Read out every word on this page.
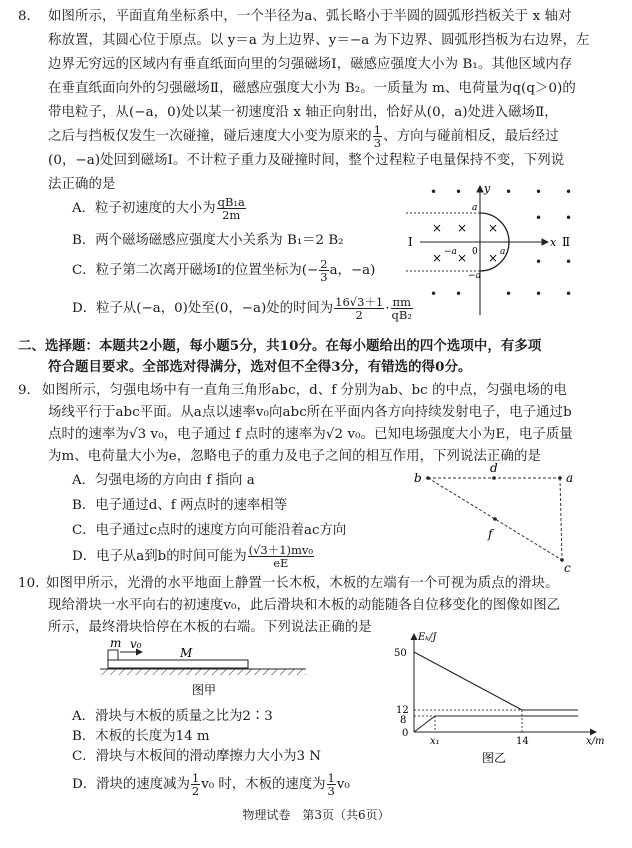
8． 如图所示，平面直角坐标系中，一个半径为a、弧长略小于半圆的圆弧形挡板关于 x 轴对
称放置，其圆心位于原点。以 y＝a 为上边界、y＝−a 为下边界、圆弧形挡板为右边界，左
边界无穷远的区域内有垂直纸面向里的匀强磁场Ⅰ，磁感应强度大小为 B₁。其他区域内存
在垂直纸面向外的匀强磁场Ⅱ，磁感应强度大小为 B₂。一质量为 m、电荷量为q(q＞0)的
带电粒子，从(−a，0)处以某一初速度沿 x 轴正向射出，恰好从(0，a)处进入磁场Ⅱ，
之后与挡板仅发生一次碰撞，碰后速度大小变为原来的 $\frac{1}{3}$ 、方向与碰前相反，最后经过
(0，−a)处回到磁场Ⅰ。不计粒子重力及碰撞时间，整个过程粒子电量保持不变，下列说
法正确的是
A．粒子初速度的大小为 $\frac{\text{qB₁a}}{2m}$
B．两个磁场磁感应强度大小关系为 B₁＝2 B₂
C．粒子第二次离开磁场Ⅰ的位置坐标为(− $\frac{2}{3}$ a，−a)
D．粒子从(−a，0)处至(0，−a)处的时间为 $\frac{16√3+1}{2} \cdot \frac{\pi m}{\text{qB₂}}$
× ×
× ×
×
×
• •	• • •
• •
• •
• •	• • •
y
x
Ⅰ	Ⅱ
a
−a
−a	a
0
二、选择题：本题共2小题，每小题5分，共10分。在每小题给出的四个选项中，有多项
符合题目要求。全部选对得满分，选对但不全得3分，有错选的得0分。
9． 如图所示，匀强电场中有一直角三角形abc，d、f 分别为ab、bc 的中点，匀强电场的电
场线平行于abc平面。从a点以速率v₀向abc所在平面内各方向持续发射电子，电子通过b
点时的速率为√3 v₀，电子通过 f 点时的速率为√2 v₀。已知电场强度大小为E，电子质量
为m、电荷量大小为e，忽略电子的重力及电子之间的相互作用，下列说法正确的是
A．匀强电场的方向由 f 指向 a
B．电子通过d、f 两点时的速率相等
C．电子通过c点时的速度方向可能沿着ac方向
D．电子从a到b的时间可能为 $\frac{\text{(√3＋1)mv₀}}{eE}$
b
d
a
f
c
10．
如图甲所示，光滑的水平地面上静置一长木板，木板的左端有一个可视为质点的滑块。
现给滑块一水平向右的初速度v₀，此后滑块和木板的动能随各自位移变化的图像如图乙
所示，最终滑块恰停在木板的右端。下列说法正确的是
m v₀
M
图甲
A．滑块与木板的质量之比为2∶3
B．木板的长度为14 m
C．滑块与木板间的滑动摩擦力大小为3 N
D．滑块的速度减为 $\frac{1}{2} v_0$ 时，木板的速度为 $\frac{1}{3} v_0$
Eₖ/J
x/m
50
12
8
0
x₁	14
图乙
物理试卷　第3页（共6页）
